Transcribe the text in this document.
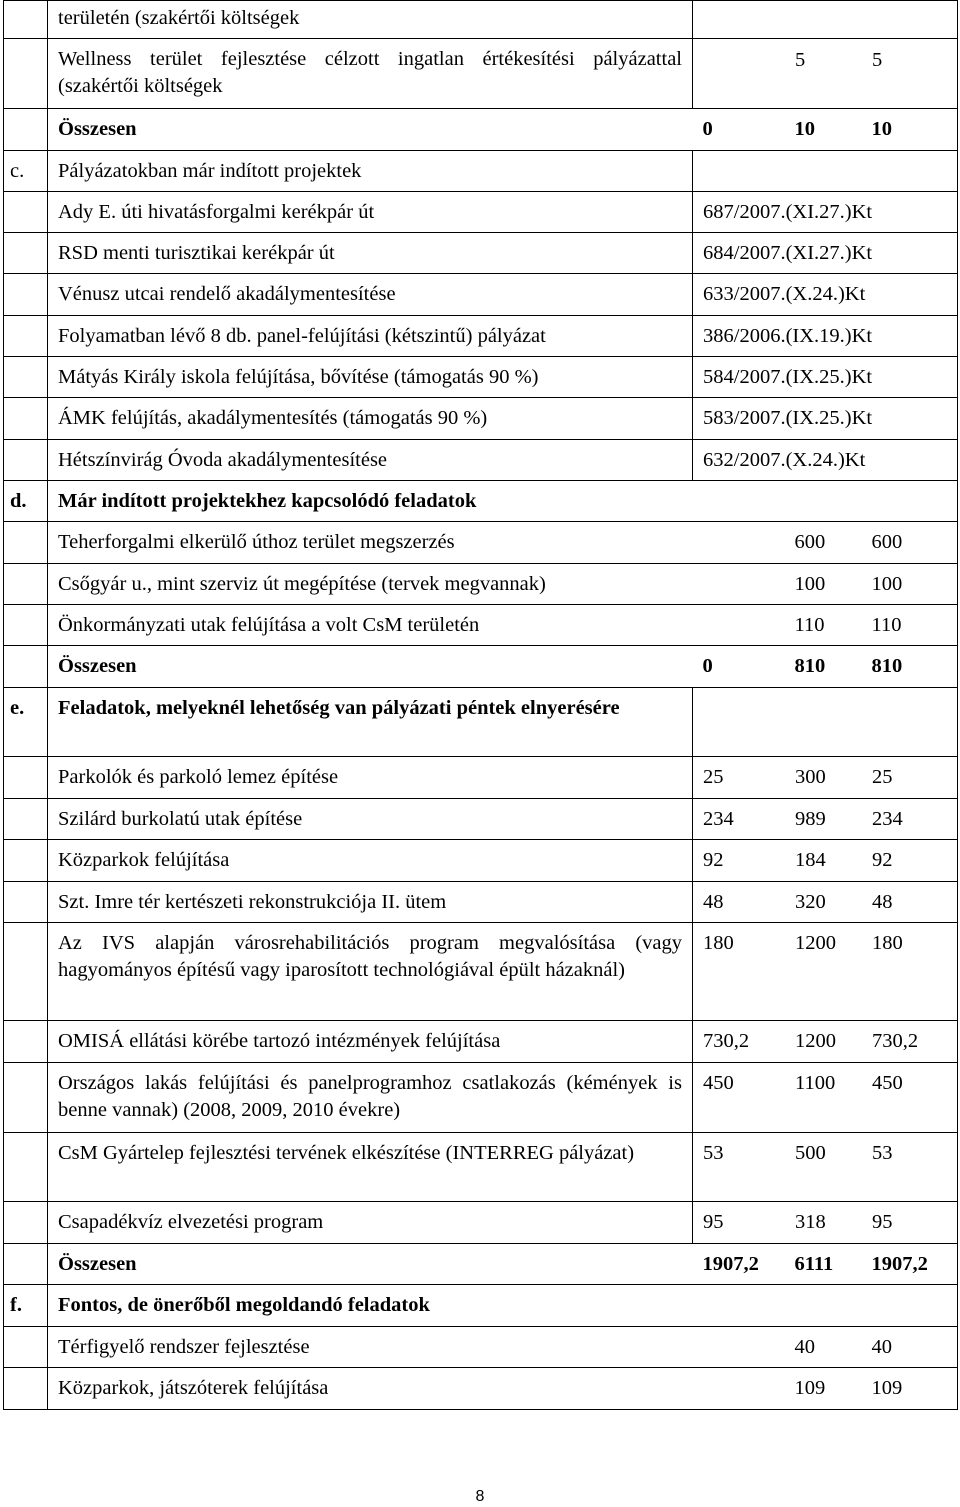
	területén (szakértői költségek	

	Wellness terület fejlesztése célzott ingatlan értékesítési pályázattal (szakértői költségek	5 5

	Összesen	0 10 10

c.	Pályázatokban már indított projektek	

	Ady E. úti hivatásforgalmi kerékpár út	687/2007.(XI.27.)Kt

	RSD menti turisztikai kerékpár út	684/2007.(XI.27.)Kt

	Vénusz utcai rendelő akadálymentesítése	633/2007.(X.24.)Kt

	Folyamatban lévő 8 db. panel-felújítási (kétszintű) pályázat	386/2006.(IX.19.)Kt

	Mátyás Király iskola felújítása, bővítése (támogatás 90 %)	584/2007.(IX.25.)Kt

	ÁMK felújítás, akadálymentesítés (támogatás 90 %)	583/2007.(IX.25.)Kt

	Hétszínvirág Óvoda akadálymentesítése	632/2007.(X.24.)Kt

d.	Már indított projektekhez kapcsolódó feladatok	

	Teherforgalmi elkerülő úthoz terület megszerzés	600 600

	Csőgyár u., mint szerviz út megépítése (tervek megvannak)	100 100

	Önkormányzati utak felújítása a volt CsM területén	110 110

	Összesen	0 810 810

e.	Feladatok, melyeknél lehetőség van pályázati péntek elnyerésére	

	Parkolók és parkoló lemez építése	25 300 25

	Szilárd burkolatú utak építése	234 989 234

	Közparkok felújítása	92 184 92

	Szt. Imre tér kertészeti rekonstrukciója II. ütem	48 320 48

	Az IVS alapján városrehabilitációs program megvalósítása (vagy hagyományos építésű vagy iparosított technológiával épült házaknál)	180 1200 180

	OMISÁ ellátási körébe tartozó intézmények felújítása	730,2 1200 730,2

	Országos lakás felújítási és panelprogramhoz csatlakozás (kémények is benne vannak) (2008, 2009, 2010 évekre)	450 1100 450

	CsM Gyártelep fejlesztési tervének elkészítése (INTERREG pályázat)	53 500 53

	Csapadékvíz elvezetési program	95 318 95

	Összesen	1907,2 6111 1907,2

f.	Fontos, de önerőből megoldandó feladatok	

	Térfigyelő rendszer fejlesztése	40 40

	Közparkok, játszóterek felújítása	109 109
8
